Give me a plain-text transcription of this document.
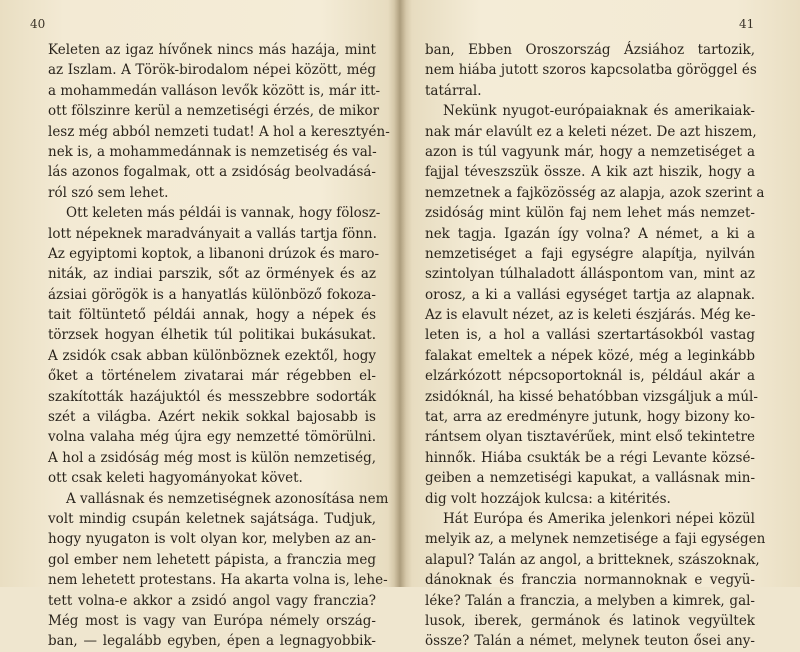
40
Keleten az igaz hívőnek nincs más hazája, mint
az Iszlam. A Török-birodalom népei között, még
a mohammedán valláson levők között is, már itt-
ott fölszinre kerül a nemzetiségi érzés, de mikor
lesz még abból nemzeti tudat! A hol a keresztyén-
nek is, a mohammedánnak is nemzetiség és val-
lás azonos fogalmak, ott a zsidóság beolvadásá-
ról szó sem lehet.
Ott keleten más példái is vannak, hogy fölosz-
lott népeknek maradványait a vallás tartja fönn.
Az egyiptomi koptok, a libanoni drúzok és maro-
niták, az indiai parszik, sőt az örmények és az
ázsiai görögök is a hanyatlás különböző fokoza-
tait föltüntető példái annak, hogy a népek és
törzsek hogyan élhetik túl politikai bukásukat.
A zsidók csak abban különböznek ezektől, hogy
őket a történelem zivatarai már régebben el-
szakították hazájuktól és messzebbre sodorták
szét a világba. Azért nekik sokkal bajosabb is
volna valaha még újra egy nemzetté tömörülni.
A hol a zsidóság még most is külön nemzetiség,
ott csak keleti hagyományokat követ.
A vallásnak és nemzetiségnek azonosítása nem
volt mindig csupán keletnek sajátsága. Tudjuk,
hogy nyugaton is volt olyan kor, melyben az an-
gol ember nem lehetett pápista, a franczia meg
nem lehetett protestans. Ha akarta volna is, lehe-
tett volna-e akkor a zsidó angol vagy franczia?
Még most is vagy van Európa némely ország-
ban, — legalább egyben, épen a legnagyobbik-
41
ban, Ebben Oroszország Ázsiához tartozik,
nem hiába jutott szoros kapcsolatba göröggel és
tatárral.
Nekünk nyugot-európaiaknak és amerikaiak-
nak már elavúlt ez a keleti nézet. De azt hiszem,
azon is túl vagyunk már, hogy a nemzetiséget a
fajjal téveszszük össze. A kik azt hiszik, hogy a
nemzetnek a fajközösség az alapja, azok szerint a
zsidóság mint külön faj nem lehet más nemzet-
nek tagja. Igazán így volna? A német, a ki a
nemzetiséget a faji egységre alapítja, nyilván
szintolyan túlhaladott álláspontom van, mint az
orosz, a ki a vallási egységet tartja az alapnak.
Az is elavult nézet, az is keleti észjárás. Még ke-
leten is, a hol a vallási szertartásokból vastag
falakat emeltek a népek közé, még a leginkább
elzárkózott népcsoportoknál is, például akár a
zsidóknál, ha kissé behatóbban vizsgáljuk a múl-
tat, arra az eredményre jutunk, hogy bizony ko-
rántsem olyan tisztavérűek, mint első tekintetre
hinnők. Hiába csukták be a régi Levante közsé-
geiben a nemzetiségi kapukat, a vallásnak min-
dig volt hozzájok kulcsa: a kitérités.
Hát Európa és Amerika jelenkori népei közül
melyik az, a melynek nemzetisége a faji egységen
alapul? Talán az angol, a britteknek, szászoknak,
dánoknak és franczia normannoknak e vegyü-
léke? Talán a franczia, a melyben a kimrek, gal-
lusok, iberek, germánok és latinok vegyültek
össze? Talán a német, melynek teuton ősei any-
